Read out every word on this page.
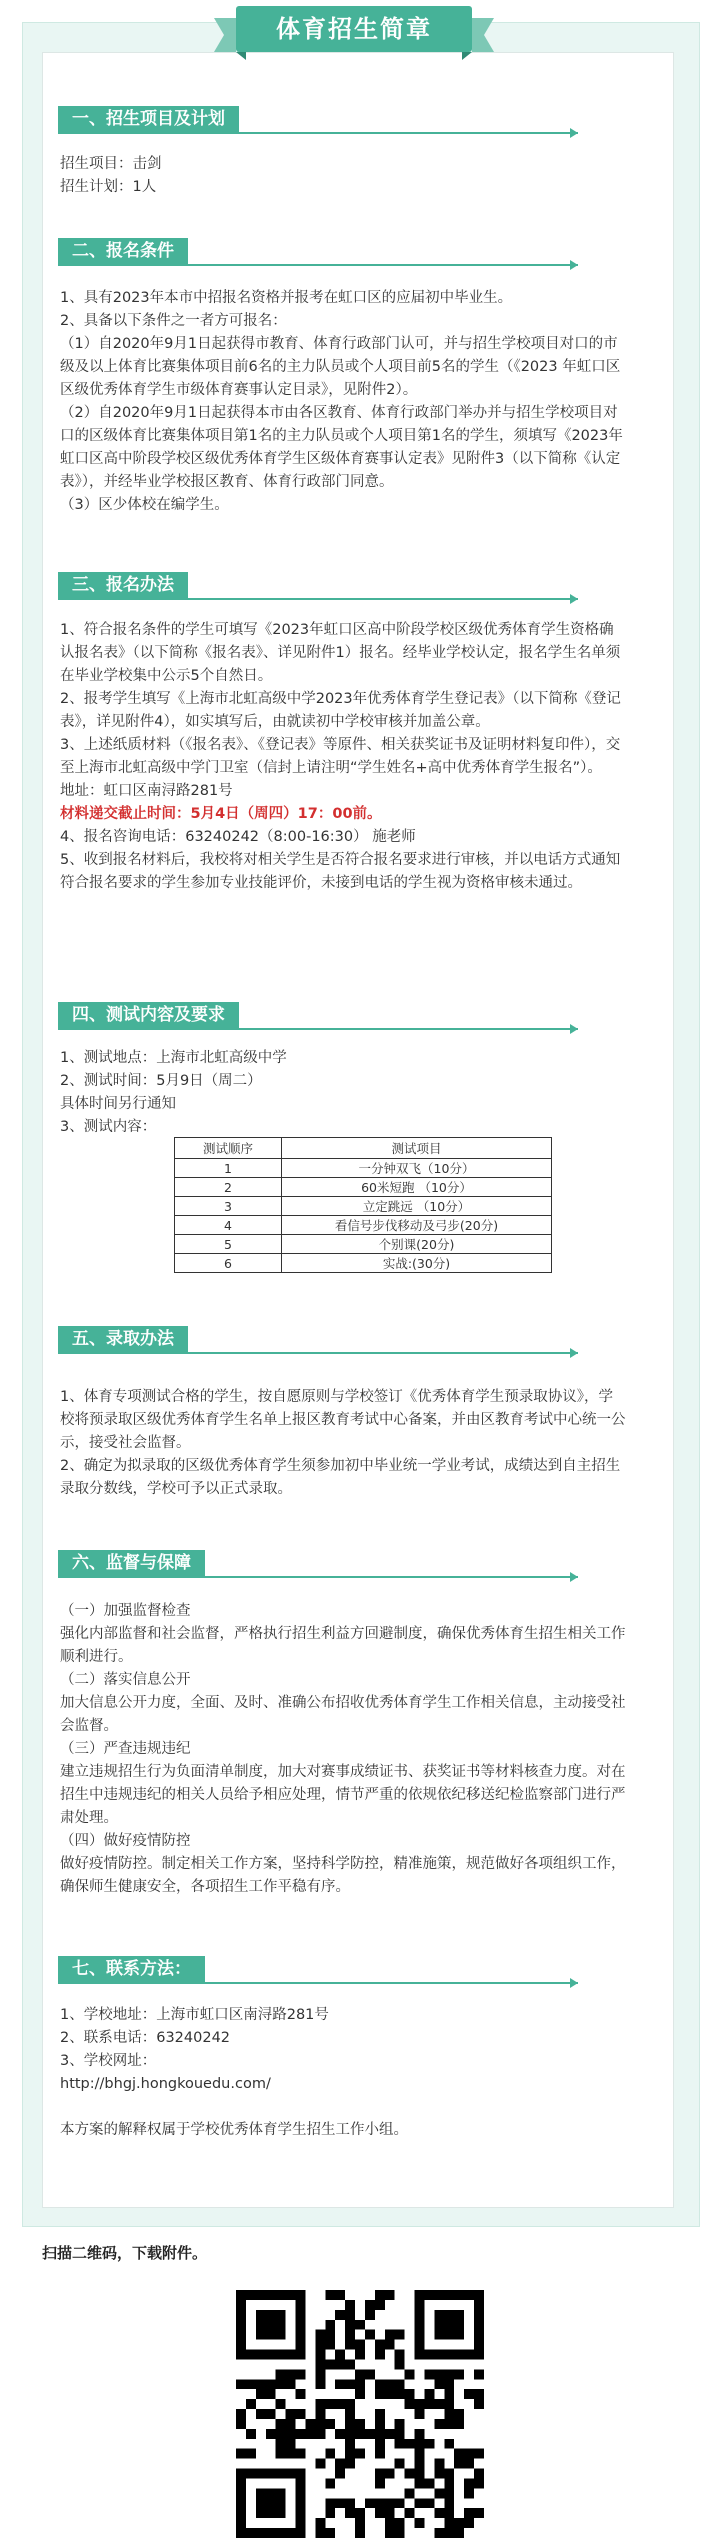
体育招生简章
一、招生项目及计划

招生项目：击剑

招生计划：1人

二、报名条件

1、具有2023年本市中招报名资格并报考在虹口区的应届初中毕业生。

2、具备以下条件之一者方可报名：

（1）自2020年9月1日起获得市教育、体育行政部门认可，并与招生学校项目对口的市级及以上体育比赛集体项目前6名的主力队员或个人项目前5名的学生（《2023 年虹口区区级优秀体育学生市级体育赛事认定目录》，见附件2）。

（2）自2020年9月1日起获得本市由各区教育、体育行政部门举办并与招生学校项目对口的区级体育比赛集体项目第1名的主力队员或个人项目第1名的学生，须填写《2023年虹口区高中阶段学校区级优秀体育学生区级体育赛事认定表》见附件3（以下简称《认定表》），并经毕业学校报区教育、体育行政部门同意。

（3）区少体校在编学生。

三、报名办法

1、符合报名条件的学生可填写《2023年虹口区高中阶段学校区级优秀体育学生资格确认报名表》（以下简称《报名表》、详见附件1）报名。经毕业学校认定，报名学生名单须在毕业学校集中公示5个自然日。

2、报考学生填写《上海市北虹高级中学2023年优秀体育学生登记表》（以下简称《登记表》，详见附件4），如实填写后，由就读初中学校审核并加盖公章。

3、上述纸质材料（《报名表》、《登记表》等原件、相关获奖证书及证明材料复印件），交至上海市北虹高级中学门卫室（信封上请注明“学生姓名+高中优秀体育学生报名”）。

地址：虹口区南浔路281号

材料递交截止时间：5月4日（周四）17：00前。

4、报名咨询电话：63240242（8:00-16:30） 施老师

5、收到报名材料后，我校将对相关学生是否符合报名要求进行审核，并以电话方式通知符合报名要求的学生参加专业技能评价，未接到电话的学生视为资格审核未通过。

四、测试内容及要求

1、测试地点：上海市北虹高级中学

2、测试时间：5月9日（周二）

具体时间另行通知

3、测试内容：

测试顺序	测试项目
1	一分钟双飞（10分）
2	60米短跑 （10分）
3	立定跳远 （10分）
4	看信号步伐移动及弓步(20分)
5	个别课(20分)
6	实战:(30分)
五、录取办法

1、体育专项测试合格的学生，按自愿原则与学校签订《优秀体育学生预录取协议》，学校将预录取区级优秀体育学生名单上报区教育考试中心备案，并由区教育考试中心统一公示，接受社会监督。

2、确定为拟录取的区级优秀体育学生须参加初中毕业统一学业考试，成绩达到自主招生录取分数线，学校可予以正式录取。

六、监督与保障

（一）加强监督检查

强化内部监督和社会监督，严格执行招生利益方回避制度，确保优秀体育生招生相关工作顺利进行。

（二）落实信息公开

加大信息公开力度，全面、及时、准确公布招收优秀体育学生工作相关信息，主动接受社会监督。

（三）严查违规违纪

建立违规招生行为负面清单制度，加大对赛事成绩证书、获奖证书等材料核查力度。对在招生中违规违纪的相关人员给予相应处理，情节严重的依规依纪移送纪检监察部门进行严肃处理。

（四）做好疫情防控

做好疫情防控。制定相关工作方案，坚持科学防控，精准施策，规范做好各项组织工作，确保师生健康安全，各项招生工作平稳有序。

七、联系方法：

1、学校地址：上海市虹口区南浔路281号

2、联系电话：63240242

3、学校网址：

http://bhgj.hongkouedu.com/

本方案的解释权属于学校优秀体育学生招生工作小组。

扫描二维码，下载附件。
